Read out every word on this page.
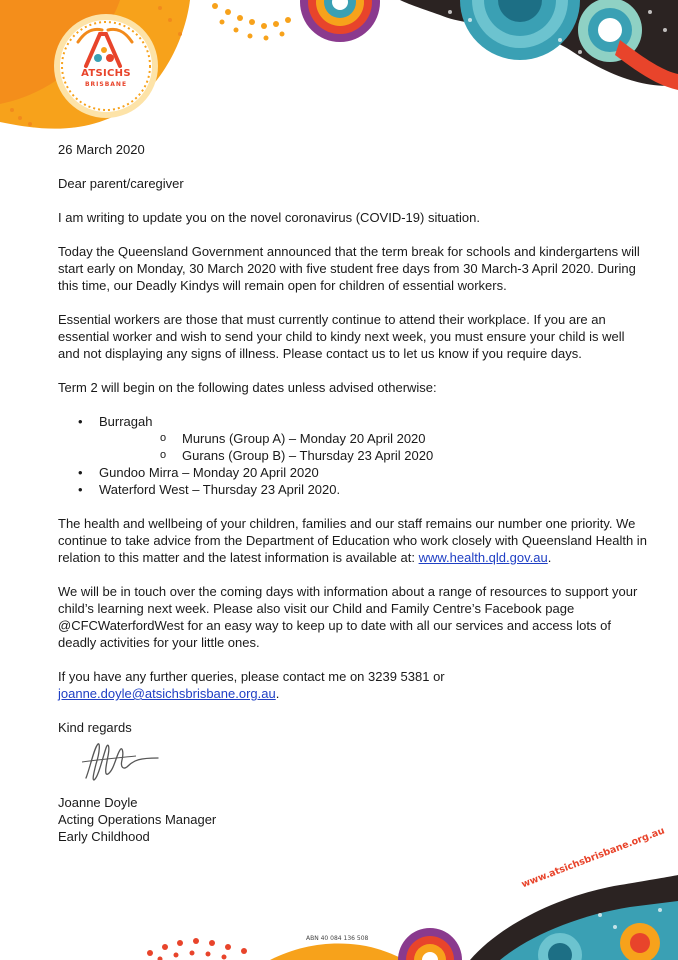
ATSICHS
BRISBANE

26 March 2020

Dear parent/caregiver

I am writing to update you on the novel coronavirus (COVID-19) situation.

Today the Queensland Government announced that the term break for schools and kindergartens will start early on Monday, 30 March 2020 with five student free days from 30 March-3 April 2020. During this time, our Deadly Kindys will remain open for children of essential workers.

Essential workers are those that must currently continue to attend their workplace. If you are an essential worker and wish to send your child to kindy next week, you must ensure your child is well and not displaying any signs of illness. Please contact us to let us know if you require days.

Term 2 will begin on the following dates unless advised otherwise:

• Burragah
o Muruns (Group A) – Monday 20 April 2020
o Gurans (Group B) – Thursday 23 April 2020
• Gundoo Mirra – Monday 20 April 2020
• Waterford West – Thursday 23 April 2020.

The health and wellbeing of your children, families and our staff remains our number one priority. We continue to take advice from the Department of Education who work closely with Queensland Health in relation to this matter and the latest information is available at: www.health.qld.gov.au.

We will be in touch over the coming days with information about a range of resources to support your child’s learning next week. Please also visit our Child and Family Centre’s Facebook page @CFCWaterfordWest for an easy way to keep up to date with all our services and access lots of deadly activities for your little ones.

If you have any further queries, please contact me on 3239 5381 or
joanne.doyle@atsichsbrisbane.org.au.

Kind regards

Joanne Doyle

Acting Operations Manager

Early Childhood	www.atsichsbrisbane.org.au
ABN 40 084 136 508
